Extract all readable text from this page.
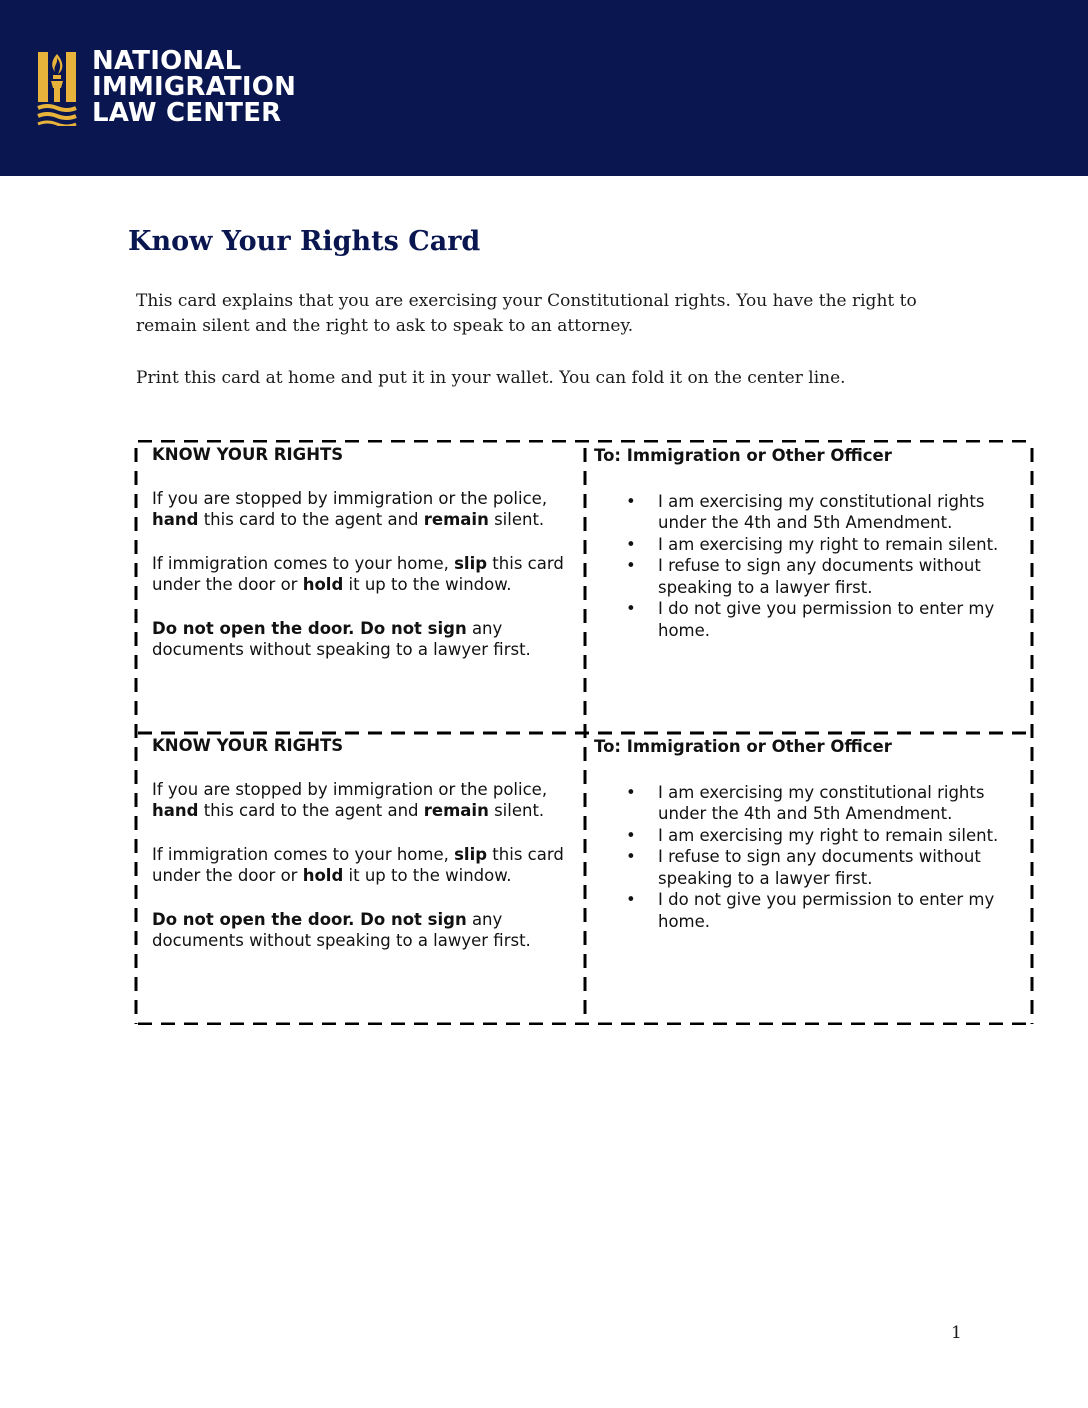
NATIONAL
IMMIGRATION
LAW CENTER
Know Your Rights Card

This card explains that you are exercising your Constitutional rights. You have the right to remain silent and the right to ask to speak to an attorney.

Print this card at home and put it in your wallet. You can fold it on the center line.

KNOW YOUR RIGHTS

If you are stopped by immigration or the police, hand this card to the agent and remain silent.

If immigration comes to your home, slip this card under the door or hold it up to the window.

Do not open the door. Do not sign any documents without speaking to a lawyer first.

To: Immigration or Other Officer

• I am exercising my constitutional rights under the 4th and 5th Amendment.
• I am exercising my right to remain silent.
• I refuse to sign any documents without speaking to a lawyer first.
• I do not give you permission to enter my home.

KNOW YOUR RIGHTS

If you are stopped by immigration or the police, hand this card to the agent and remain silent.

If immigration comes to your home, slip this card under the door or hold it up to the window.

Do not open the door. Do not sign any documents without speaking to a lawyer first.

To: Immigration or Other Officer

• I am exercising my constitutional rights under the 4th and 5th Amendment.
• I am exercising my right to remain silent.
• I refuse to sign any documents without speaking to a lawyer first.
• I do not give you permission to enter my home.
1
